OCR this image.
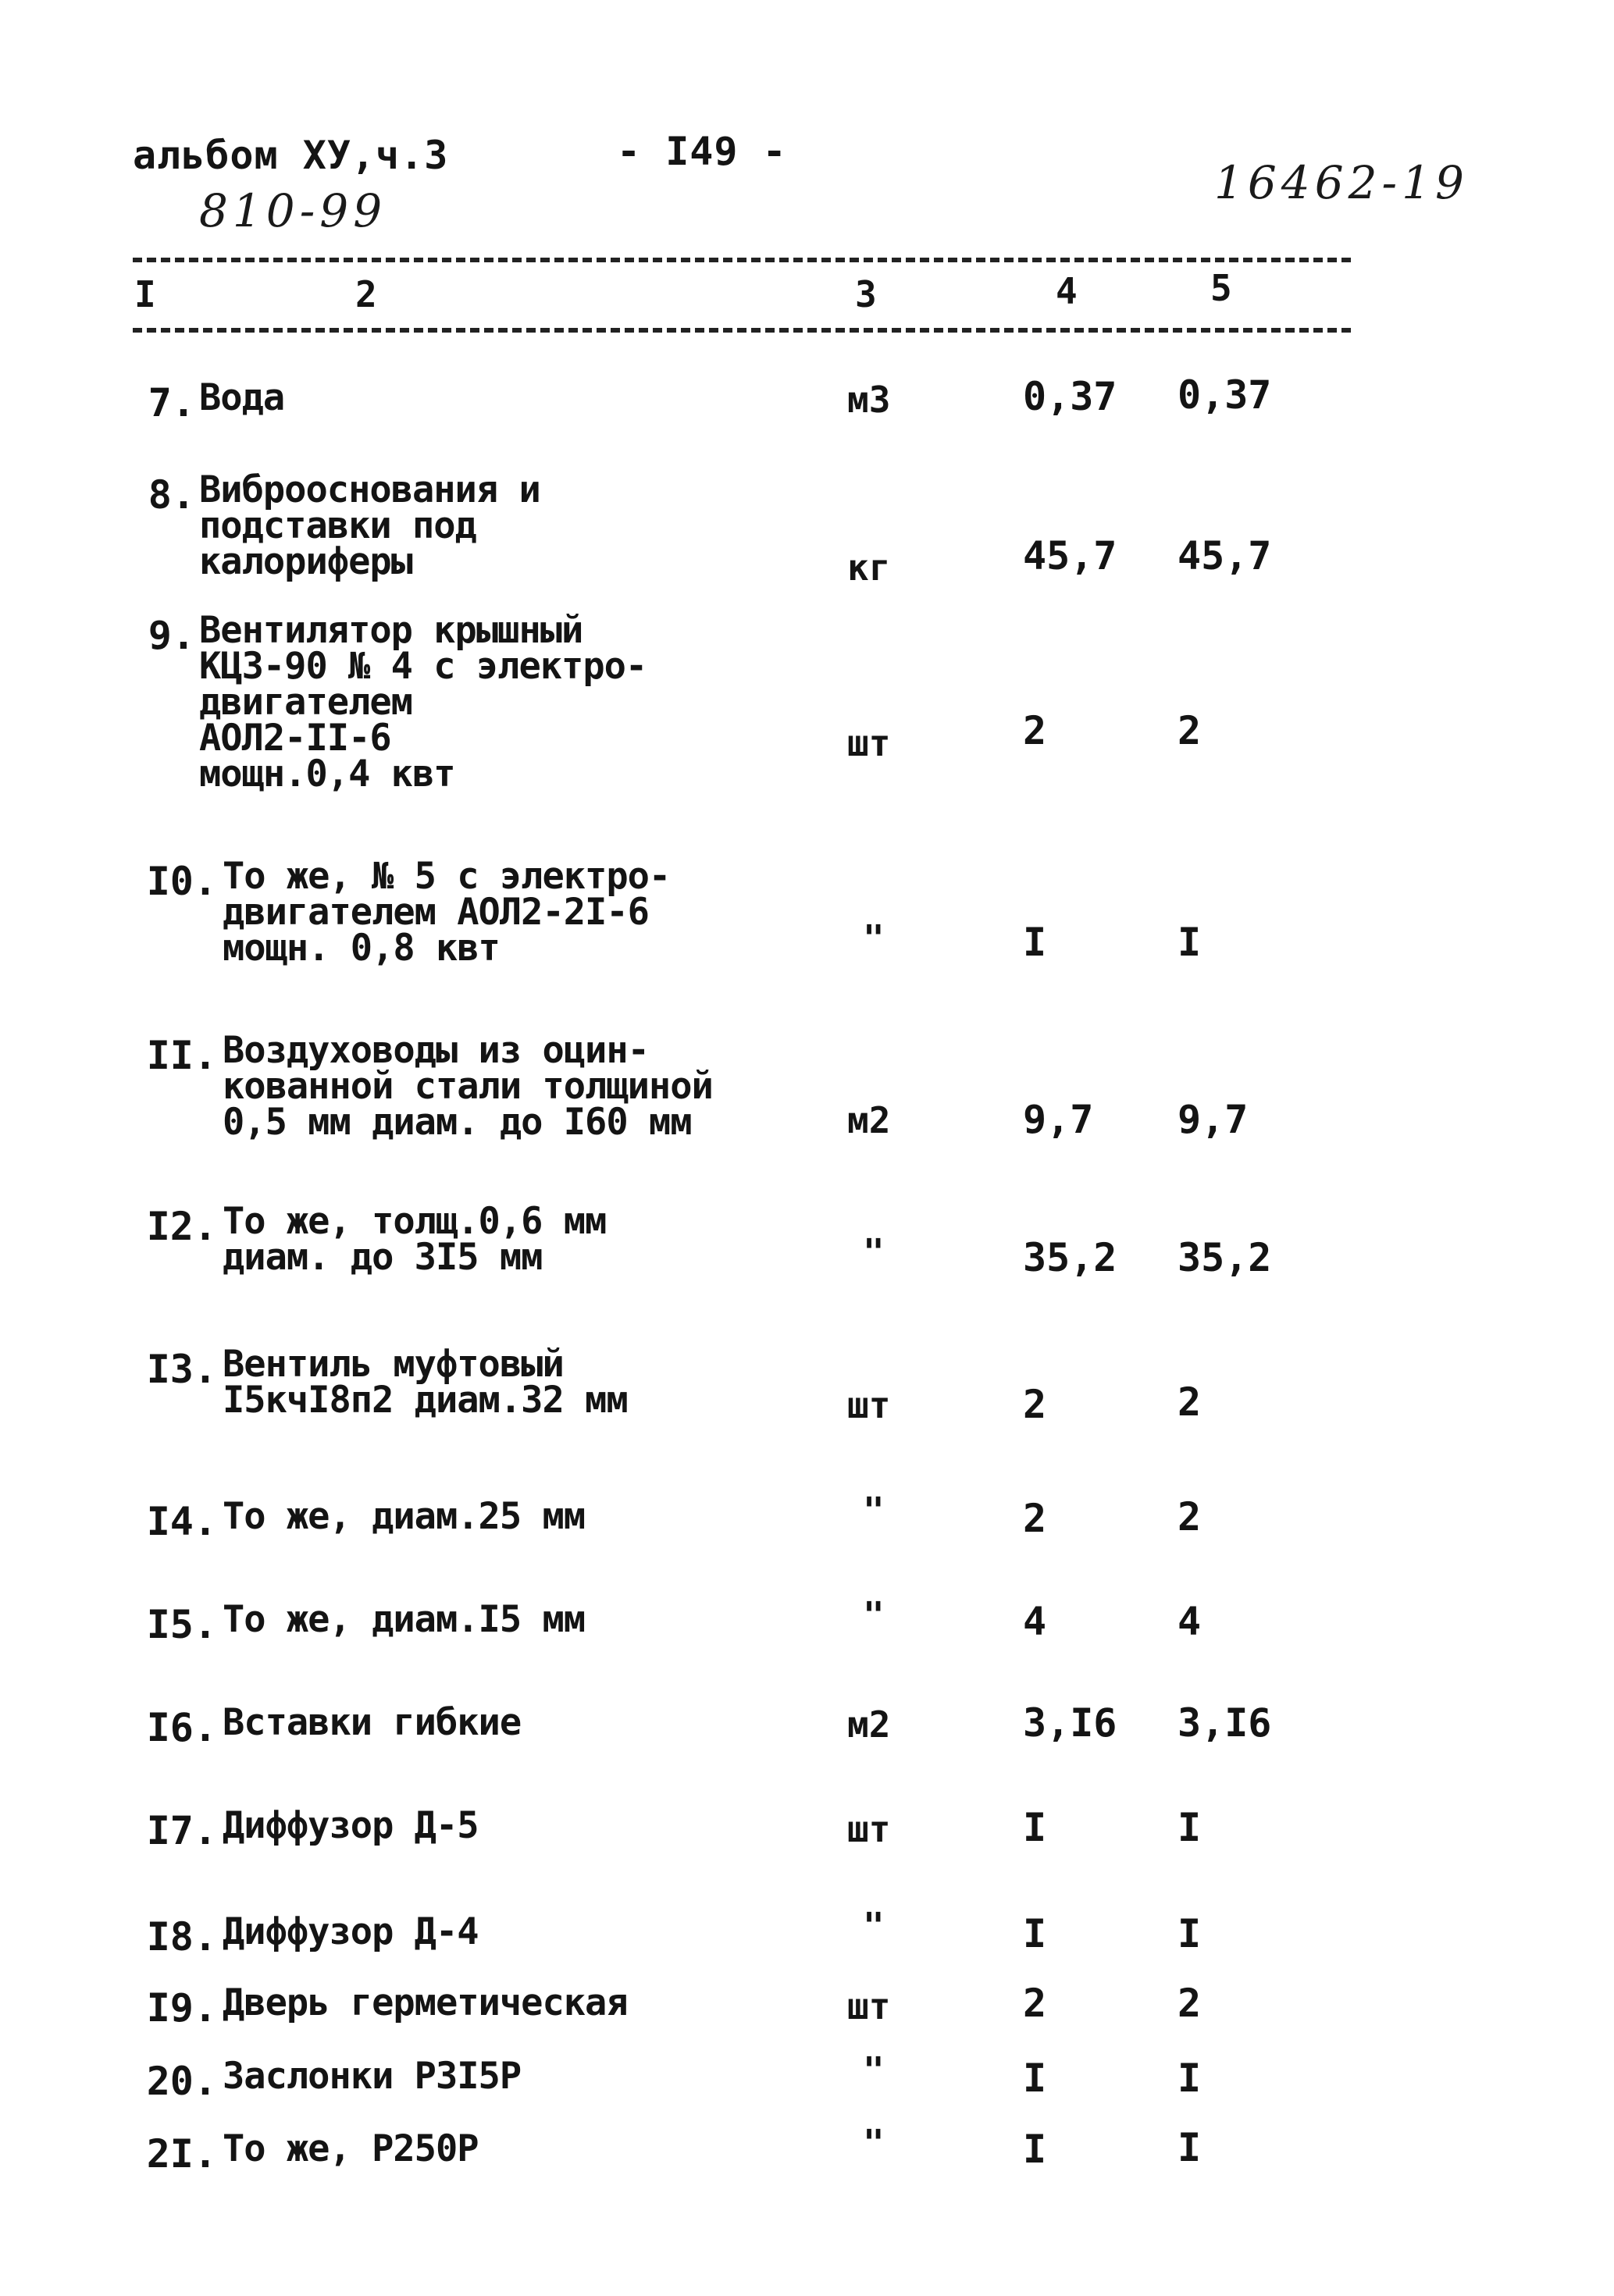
альбом ХУ,ч.3	- I49 -
810-99
16462-19
I	2	3	4	5
7. Вода	м3	0,37 0,37
8. Виброоснования и
подставки под
калориферы	кг	45,7 45,7
9. Вентилятор крышный
КЦЗ-90 № 4 с электро-
двигателем
АОЛ2-II-6
мощн.0,4 квт
шт	2	2
I0. То же, № 5 с электро-
двигателем АОЛ2-2I-6
мощн. 0,8 квт	"	I	I
II. Воздуховоды из оцин-
кованной стали толщиной
0,5 мм диам. до I60 мм	м2	9,7 9,7
I2. То же, толщ.0,6 мм
диам. до 3I5 мм	"	35,2 35,2
I3. Вентиль муфтовый
I5кчI8п2 диам.32 мм	шт	2	2
I4. То же, диам.25 мм	"	2	2
I5. То же, диам.I5 мм	"	4	4
I6. Вставки гибкие	м2	3,I6 3,I6
I7. Диффузор Д-5	шт	I	I
I8. Диффузор Д-4	"	I	I
I9. Дверь герметическая	шт	2	2
20. Заслонки Р3I5Р	"	I	I
2I. То же, Р250Р	"	I	I
